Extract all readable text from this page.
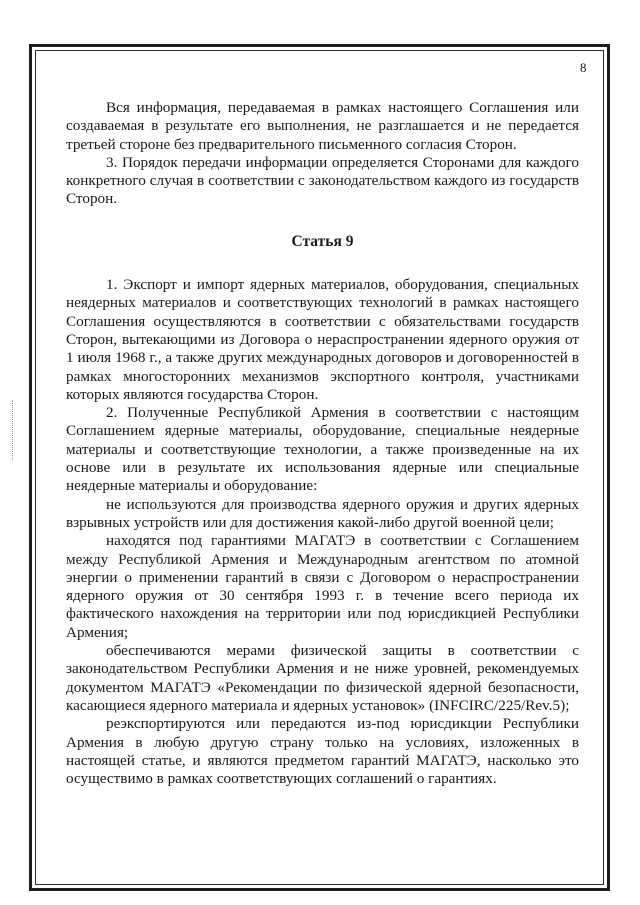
8

Вся информация, передаваемая в рамках настоящего Соглашения или создаваемая в результате его выполнения, не разглашается и не передается третьей стороне без предварительного письменного согласия Сторон.

3. Порядок передачи информации определяется Сторонами для каждого конкретного случая в соответствии с законодательством каждого из государств Сторон.

Статья 9

1. Экспорт и импорт ядерных материалов, оборудования, специальных неядерных материалов и соответствующих технологий в рамках настоящего Соглашения осуществляются в соответствии с обязательствами государств Сторон, вытекающими из Договора о нераспространении ядерного оружия от 1 июля 1968 г., а также других международных договоров и договоренностей в рамках многосторонних механизмов экспортного контроля, участниками которых являются государства Сторон.

2. Полученные Республикой Армения в соответствии с настоящим Соглашением ядерные материалы, оборудование, специальные неядерные материалы и соответствующие технологии, а также произведенные на их основе или в результате их использования ядерные или специальные неядерные материалы и оборудование:

не используются для производства ядерного оружия и других ядерных взрывных устройств или для достижения какой-либо другой военной цели;

находятся под гарантиями МАГАТЭ в соответствии с Соглашением между Республикой Армения и Международным агентством по атомной энергии о применении гарантий в связи с Договором о нераспространении ядерного оружия от 30 сентября 1993 г. в течение всего периода их фактического нахождения на территории или под юрисдикцией Республики Армения;

обеспечиваются мерами физической защиты в соответствии с законодательством Республики Армения и не ниже уровней, рекомендуемых документом МАГАТЭ «Рекомендации по физической ядерной безопасности, касающиеся ядерного материала и ядерных установок» (INFCIRC/225/Rev.5);

реэкспортируются или передаются из-под юрисдикции Республики Армения в любую другую страну только на условиях, изложенных в настоящей статье, и являются предметом гарантий МАГАТЭ, насколько это осуществимо в рамках соответствующих соглашений о гарантиях.
